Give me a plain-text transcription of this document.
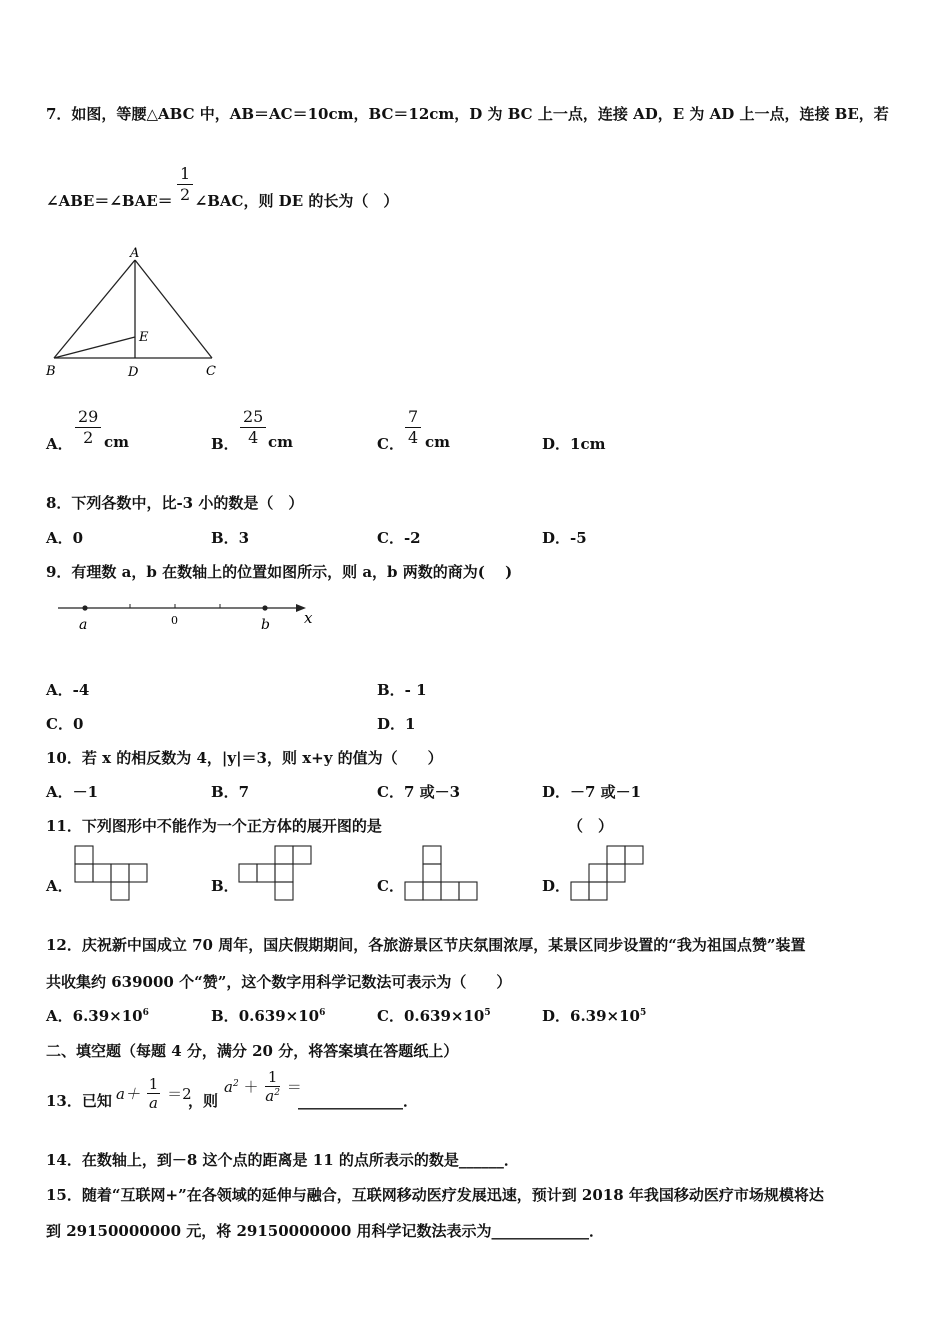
7．如图，等腰△ABC 中，AB＝AC＝10cm，BC＝12cm，D 为 BC 上一点，连接 AD，E 为 AD 上一点，连接 BE，若
∠ABE＝∠BAE＝ ∠BAC，则 DE 的长为（　）
$\frac{1}{2}$
A
B	D	C
E
A． $\frac{29}{2}$ cm	B． $\frac{25}{4}$ cm	C． $\frac{7}{4}$ cm	D．1cm
8．下列各数中，比-3 小的数是（　）
A．0	B．3	C．-2	D．-5
9．有理数 a，b 在数轴上的位置如图所示，则 a，b 两数的商为(　 )
a	0	b x
A．-4	B．- 1
C．0	D．1
10．若 x 的相反数为 4，|y|＝3，则 x+y 的值为（　　）
A．－1	B．7	C．7 或－3	D．－7 或－1
11．下列图形中不能作为一个正方体的展开图的是	（　）
A．	B．	C．	D．
12．庆祝新中国成立 70 周年，国庆假期期间，各旅游景区节庆氛围浓厚，某景区同步设置的“我为祖国点赞”装置
共收集约 639000 个“赞”，这个数字用科学记数法可表示为（　　）
A．$6.39\times 10^6$	B．$0.639\times 10^6$	C．$0.639\times 10^5$	D．$6.39\times 10^5$
二、填空题（每题 4 分，满分 20 分，将答案填在答题纸上）
13．已知 $a+ \frac{1}{a} =2$
，则
$a^2 + \frac{1}{a^2}$ ＝
______________．
14．在数轴上，到－8 这个点的距离是 11 的点所表示的数是______．
15．随着“互联网+”在各领域的延伸与融合，互联网移动医疗发展迅速，预计到 2018 年我国移动医疗市场规模将达
到 29150000000 元，将 29150000000 用科学记数法表示为_____________．
